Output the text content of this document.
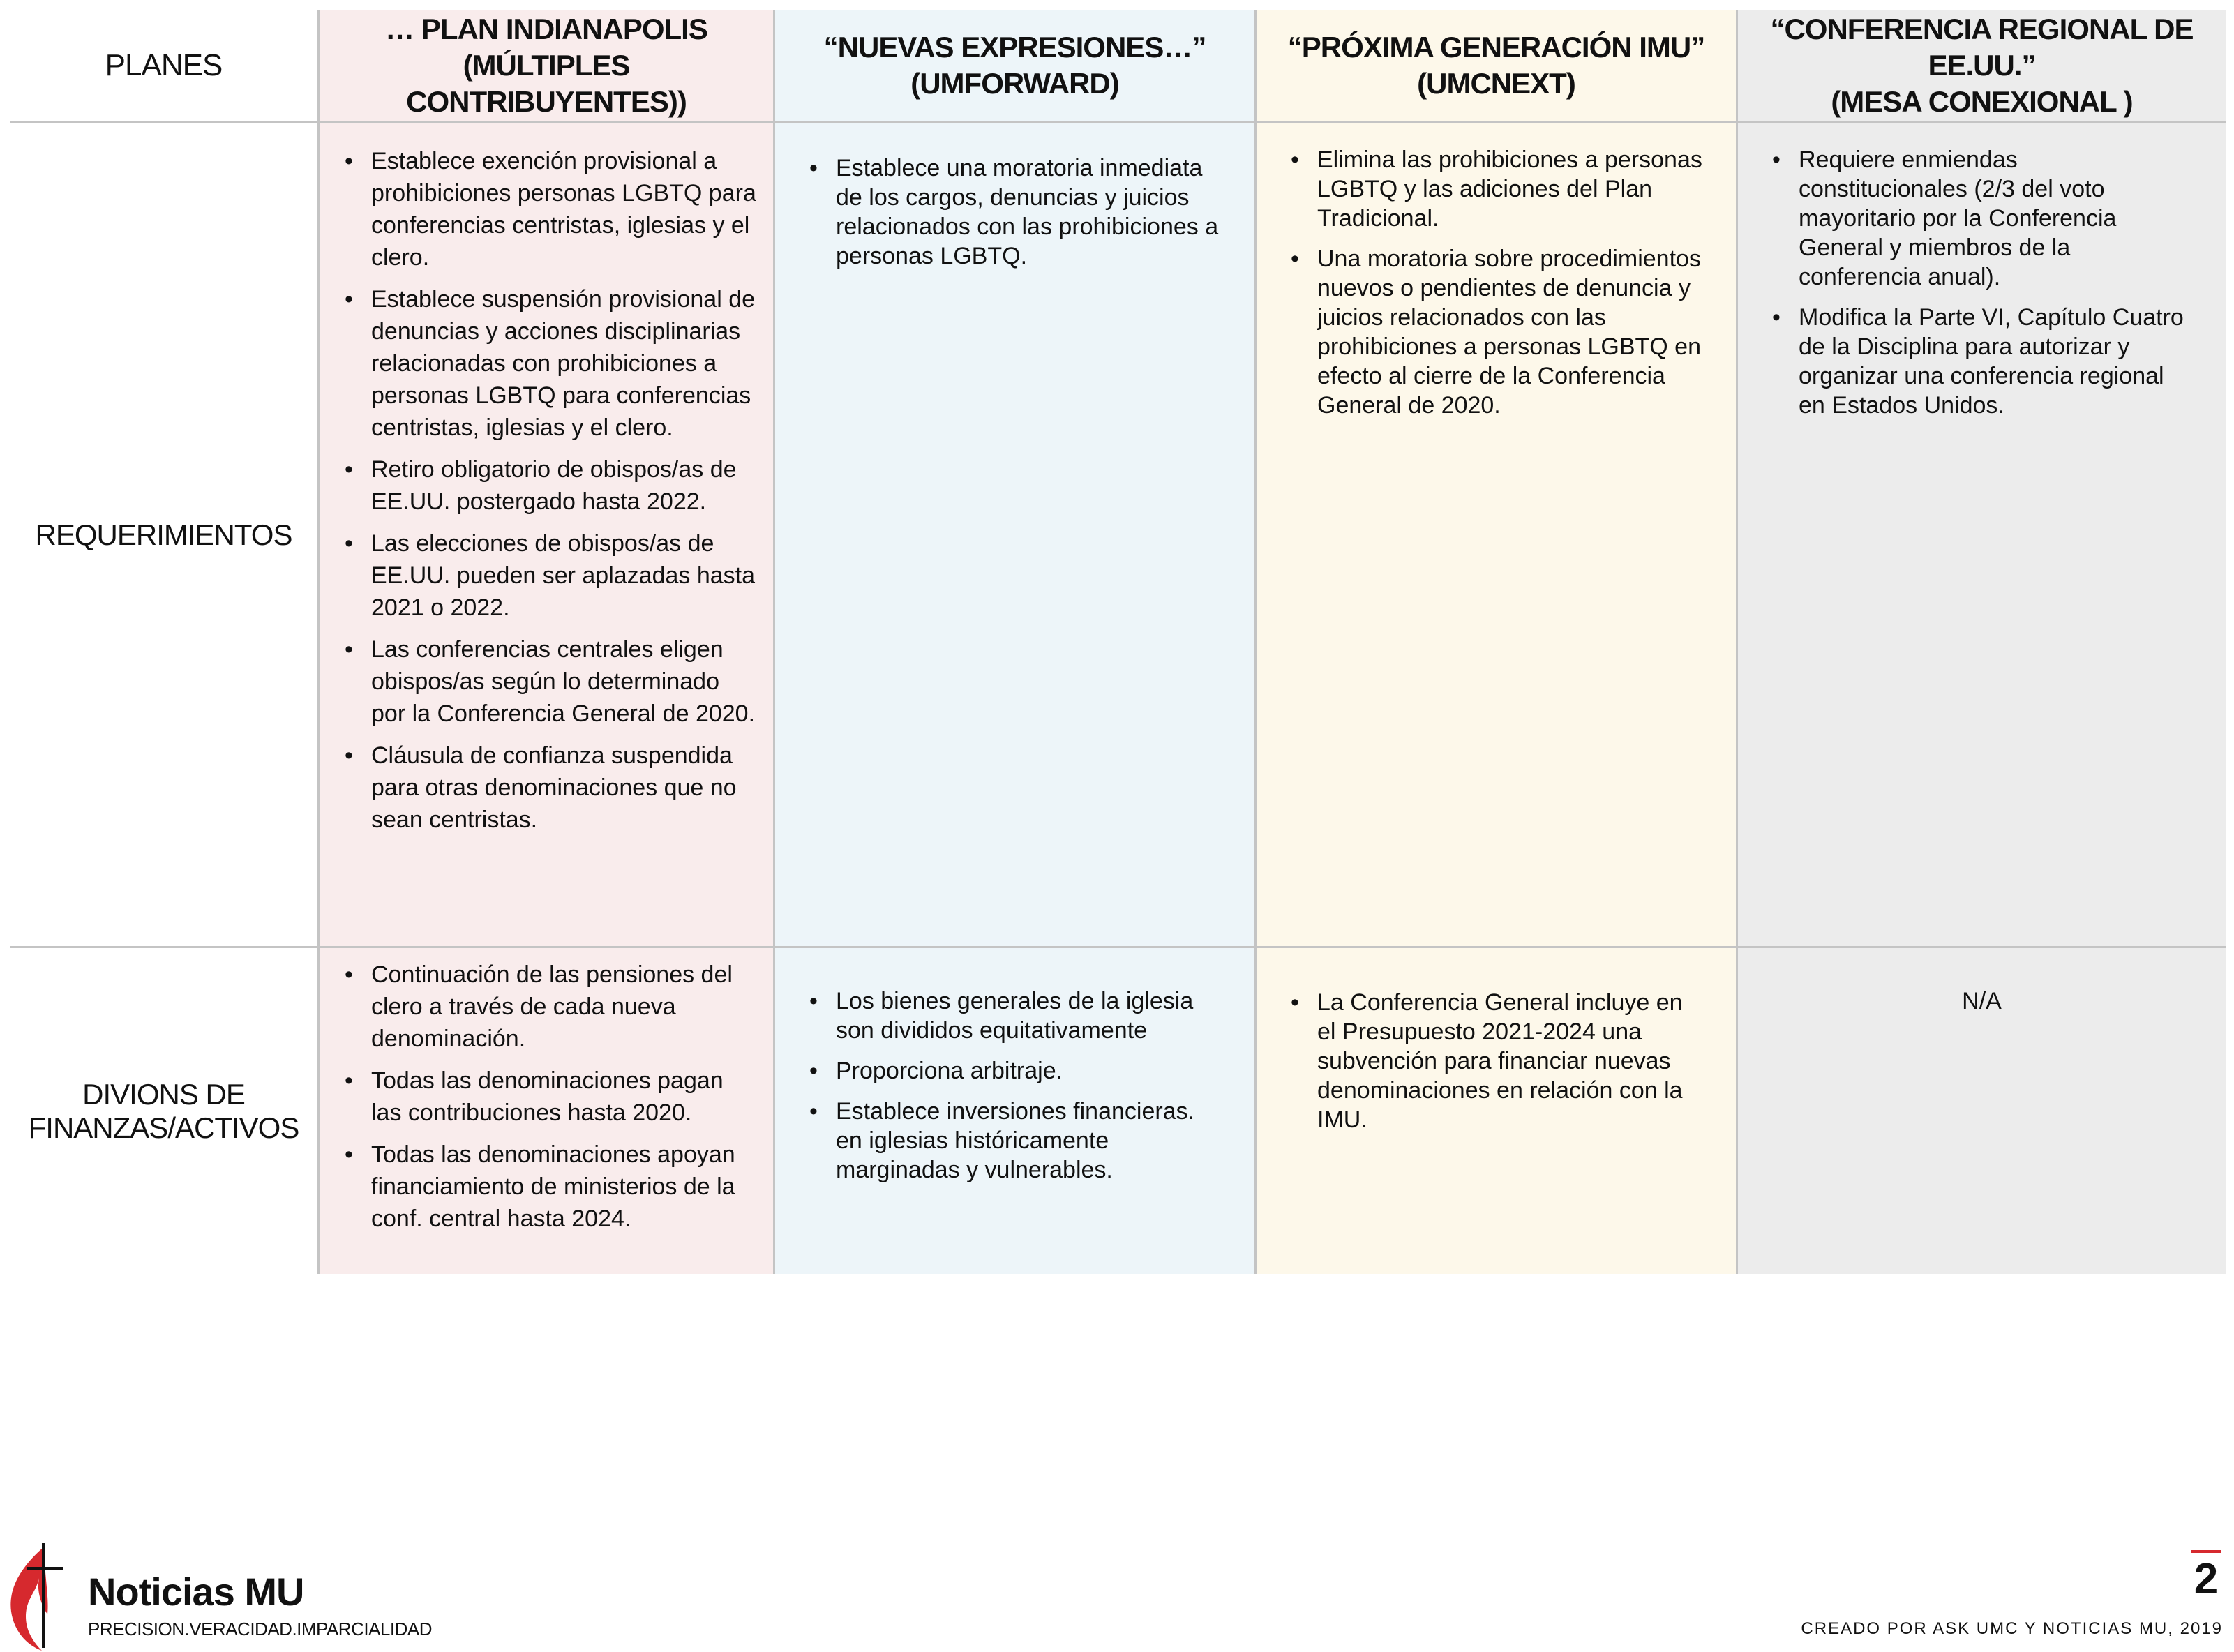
PLANES
… PLAN INDIANAPOLIS
(MÚLTIPLES CONTRIBUYENTES))
“NUEVAS EXPRESIONES…”
(UMFORWARD)
“PRÓXIMA GENERACIÓN IMU”
(UMCNEXT)
“CONFERENCIA REGIONAL DE EE.UU.”
(MESA CONEXIONAL )
REQUERIMIENTOS
DIVIONS DE
FINANZAS/ACTIVOS
• Establece exención provisional a prohibiciones personas LGBTQ para conferencias centristas, iglesias y el clero.
• Establece suspensión provisional de denuncias y acciones disciplinarias relacionadas con prohibiciones a personas LGBTQ para conferencias centristas, iglesias y el clero.
• Retiro obligatorio de obispos/as de EE.UU. postergado hasta 2022.
• Las elecciones de obispos/as de EE.UU. pueden ser aplazadas hasta 2021 o 2022.
• Las conferencias centrales eligen obispos/as según lo determinado por la Conferencia General de 2020.
• Cláusula de confianza suspendida para otras denominaciones que no sean centristas.
• Establece una moratoria inmediata de los cargos, denuncias y juicios relacionados con las prohibiciones a personas LGBTQ.
• Elimina las prohibiciones a personas LGBTQ y las adiciones del Plan Tradicional.
• Una moratoria sobre procedimientos nuevos o pendientes de denuncia y juicios relacionados con las prohibiciones a personas LGBTQ en efecto al cierre de la Conferencia General de 2020.
• Requiere enmiendas constitucionales (2/3 del voto mayoritario por la Conferencia General y miembros de la conferencia anual).
• Modifica la Parte VI, Capítulo Cuatro de la Disciplina para autorizar y organizar una conferencia regional en Estados Unidos.
• Continuación de las pensiones del clero a través de cada nueva denominación.
• Todas las denominaciones pagan las contribuciones hasta 2020.
• Todas las denominaciones apoyan financiamiento de ministerios de la conf. central hasta 2024.
• Los bienes generales de la iglesia son divididos equitativamente
• Proporciona arbitraje.
• Establece inversiones financieras. en iglesias históricamente marginadas y vulnerables.
• La Conferencia General incluye en el Presupuesto 2021-2024 una subvención para financiar nuevas denominaciones en relación con la IMU.
N/A
Noticias MU
PRECISION.VERACIDAD.IMPARCIALIDAD
2
CREADO POR ASK UMC Y NOTICIAS MU, 2019
